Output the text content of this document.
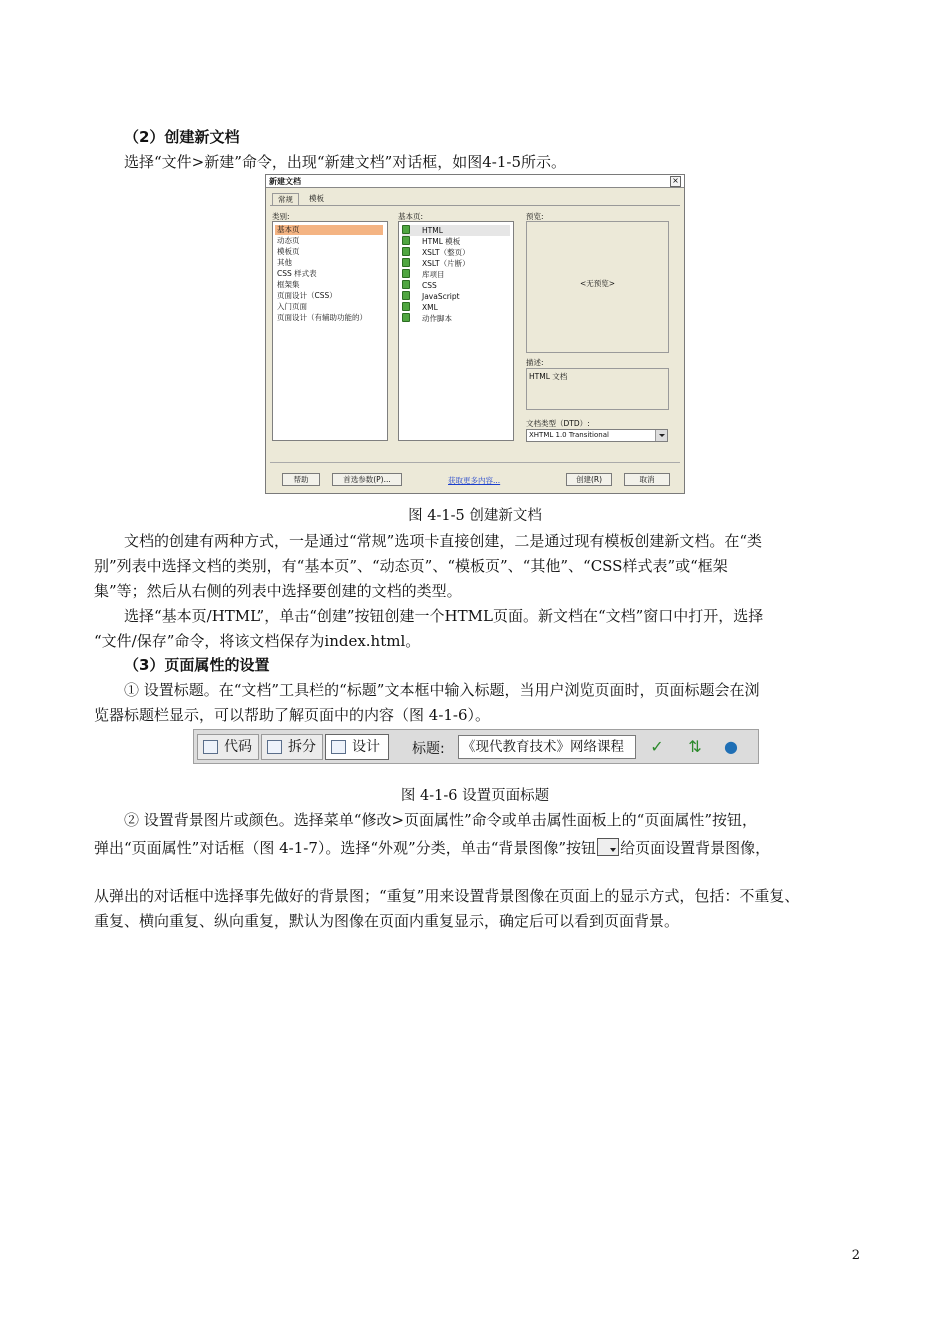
（2）创建新文档
选择“文件>新建”命令，出现“新建文档”对话框，如图4-1-5所示。
新建文档	×
常规	模板
类别:
基本页
动态页
模板页
其他
CSS 样式表
框架集
页面设计（CSS）
入门页面
页面设计（有辅助功能的）
基本页:
HTML
HTML 模板
XSLT（整页）
XSLT（片断）
库项目
CSS
JavaScript
XML
动作脚本
预览:
<无预览>
描述:
HTML 文档
文档类型（DTD）:
XHTML 1.0 Transitional
帮助	首选参数(P)...	获取更多内容...	创建(R)	取消
图 4-1-5 创建新文档
文档的创建有两种方式，一是通过“常规”选项卡直接创建，二是通过现有模板创建新文档。在“类
别”列表中选择文档的类别，有“基本页”、“动态页”、“模板页”、“其他”、“CSS样式表”或“框架
集”等；然后从右侧的列表中选择要创建的文档的类型。
选择“基本页/HTML”，单击“创建”按钮创建一个HTML页面。新文档在“文档”窗口中打开，选择
“文件/保存”命令，将该文档保存为index.html。
（3）页面属性的设置
① 设置标题。在“文档”工具栏的“标题”文本框中输入标题，当用户浏览页面时，页面标题会在浏
览器标题栏显示，可以帮助了解页面中的内容（图 4-1-6）。
代码	拆分	设计	标题: 《现代教育技术》网络课程	✓ ⇅ ●
图 4-1-6 设置页面标题
② 设置背景图片或颜色。选择菜单“修改>页面属性”命令或单击属性面板上的“页面属性”按钮，
弹出“页面属性”对话框（图 4-1-7）。选择“外观”分类，单击“背景图像”按钮 给页面设置背景图像，
从弹出的对话框中选择事先做好的背景图；“重复”用来设置背景图像在页面上的显示方式，包括：不重复、
重复、横向重复、纵向重复，默认为图像在页面内重复显示，确定后可以看到页面背景。
2
